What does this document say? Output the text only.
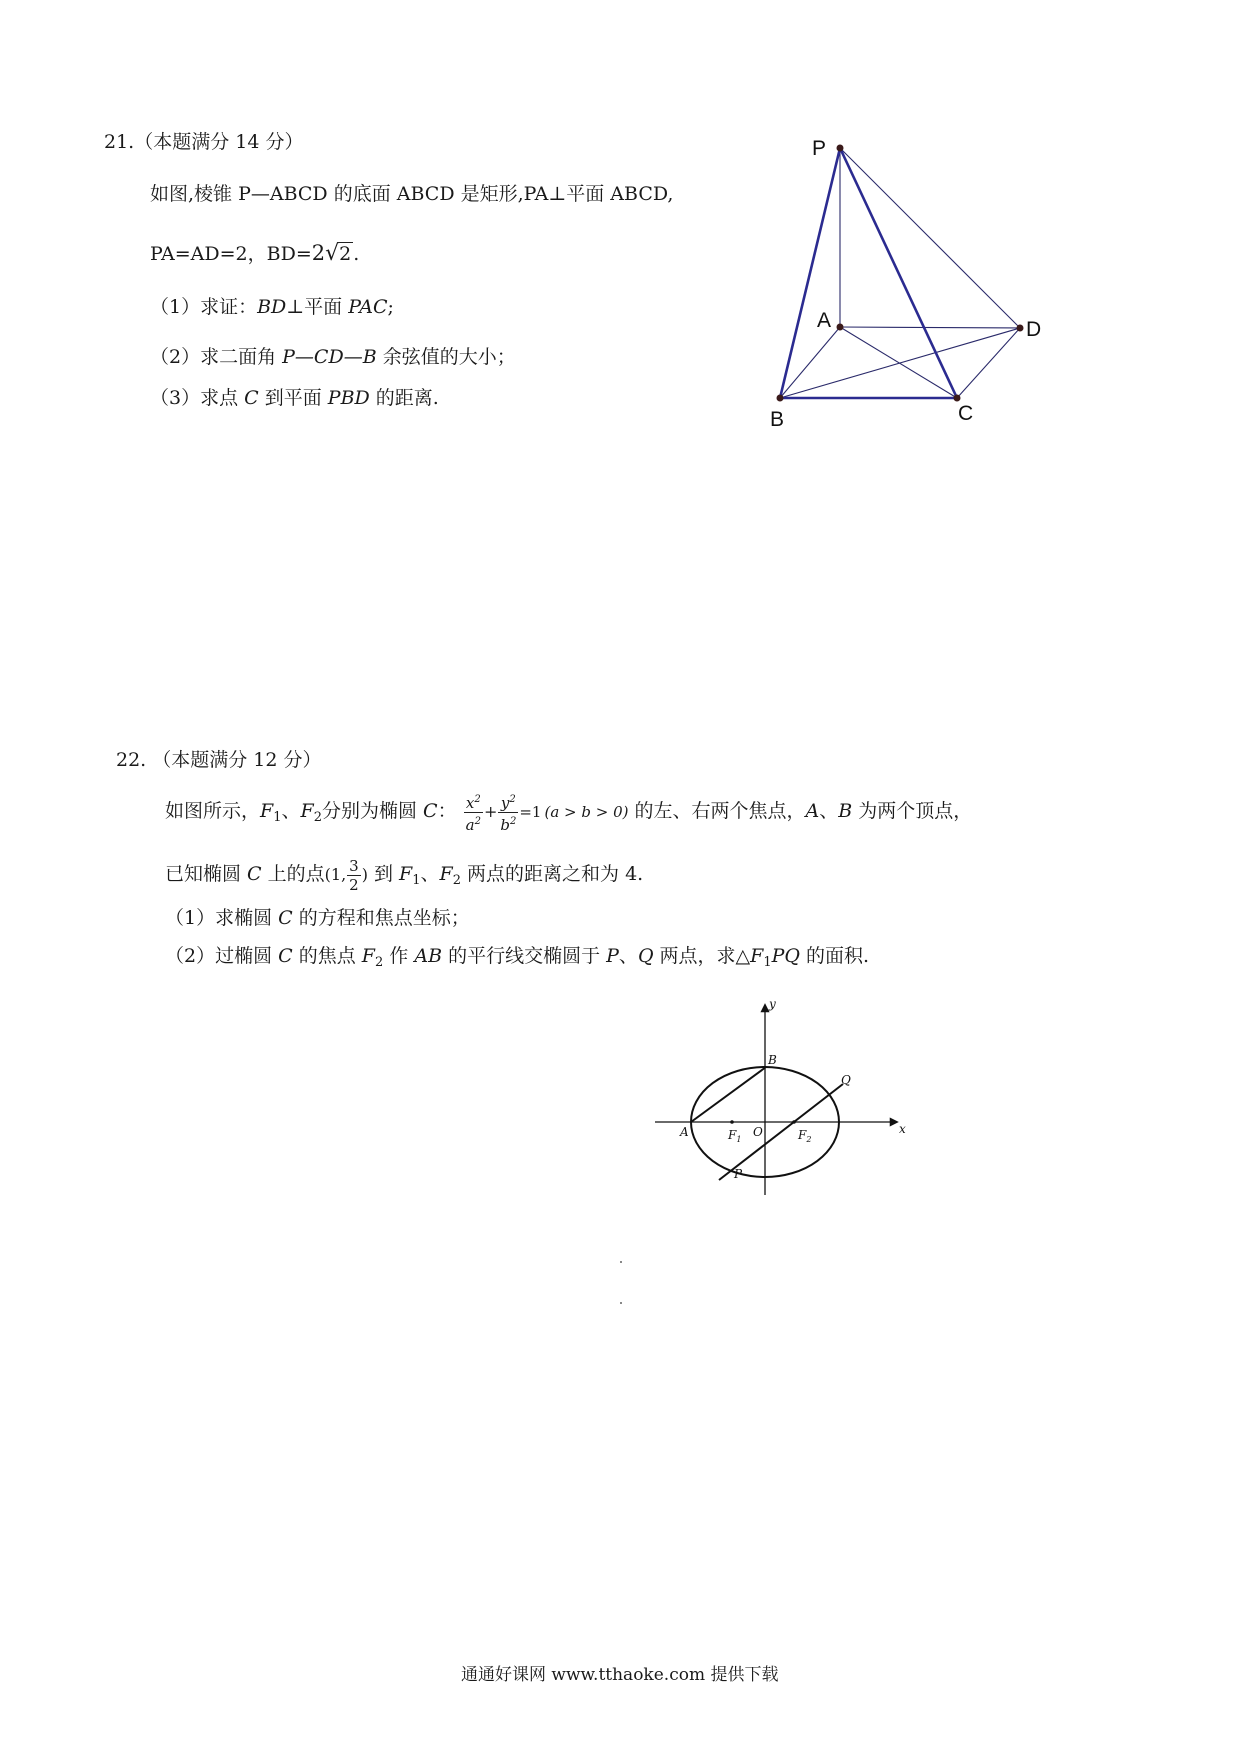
21.（本题满分 14 分）
如图,棱锥 P—ABCD 的底面 ABCD 是矩形,PA⊥平面 ABCD,
PA=AD=2，BD=2√2 .
（1）求证：BD⊥平面 PAC;
（2）求二面角 P—CD—B 余弦值的大小；
（3）求点 C 到平面 PBD 的距离.
P
A	D
B	C
22. （本题满分 12 分）
如图所示，$F_1$、$F_2$分别为椭圆 C： $\frac{x^2}{a^2} + \frac{y^2}{b^2} =1$ (a > b > 0) 的左、右两个焦点，A、B 为两个顶点，
已知椭圆 C 上的点(1, $\frac{3}{2}$ ) 到 $F_1$、$F_2$ 两点的距离之和为 4.
（1）求椭圆 C 的方程和焦点坐标；
（2）过椭圆 C 的焦点 $F_2$ 作 AB 的平行线交椭圆于 P、Q 两点，求$\triangle F_1PQ$ 的面积.
y
x
B
Q
A	$F_1$
O	$F_2$
P
通通好课网 www.tthaoke.com 提供下载
